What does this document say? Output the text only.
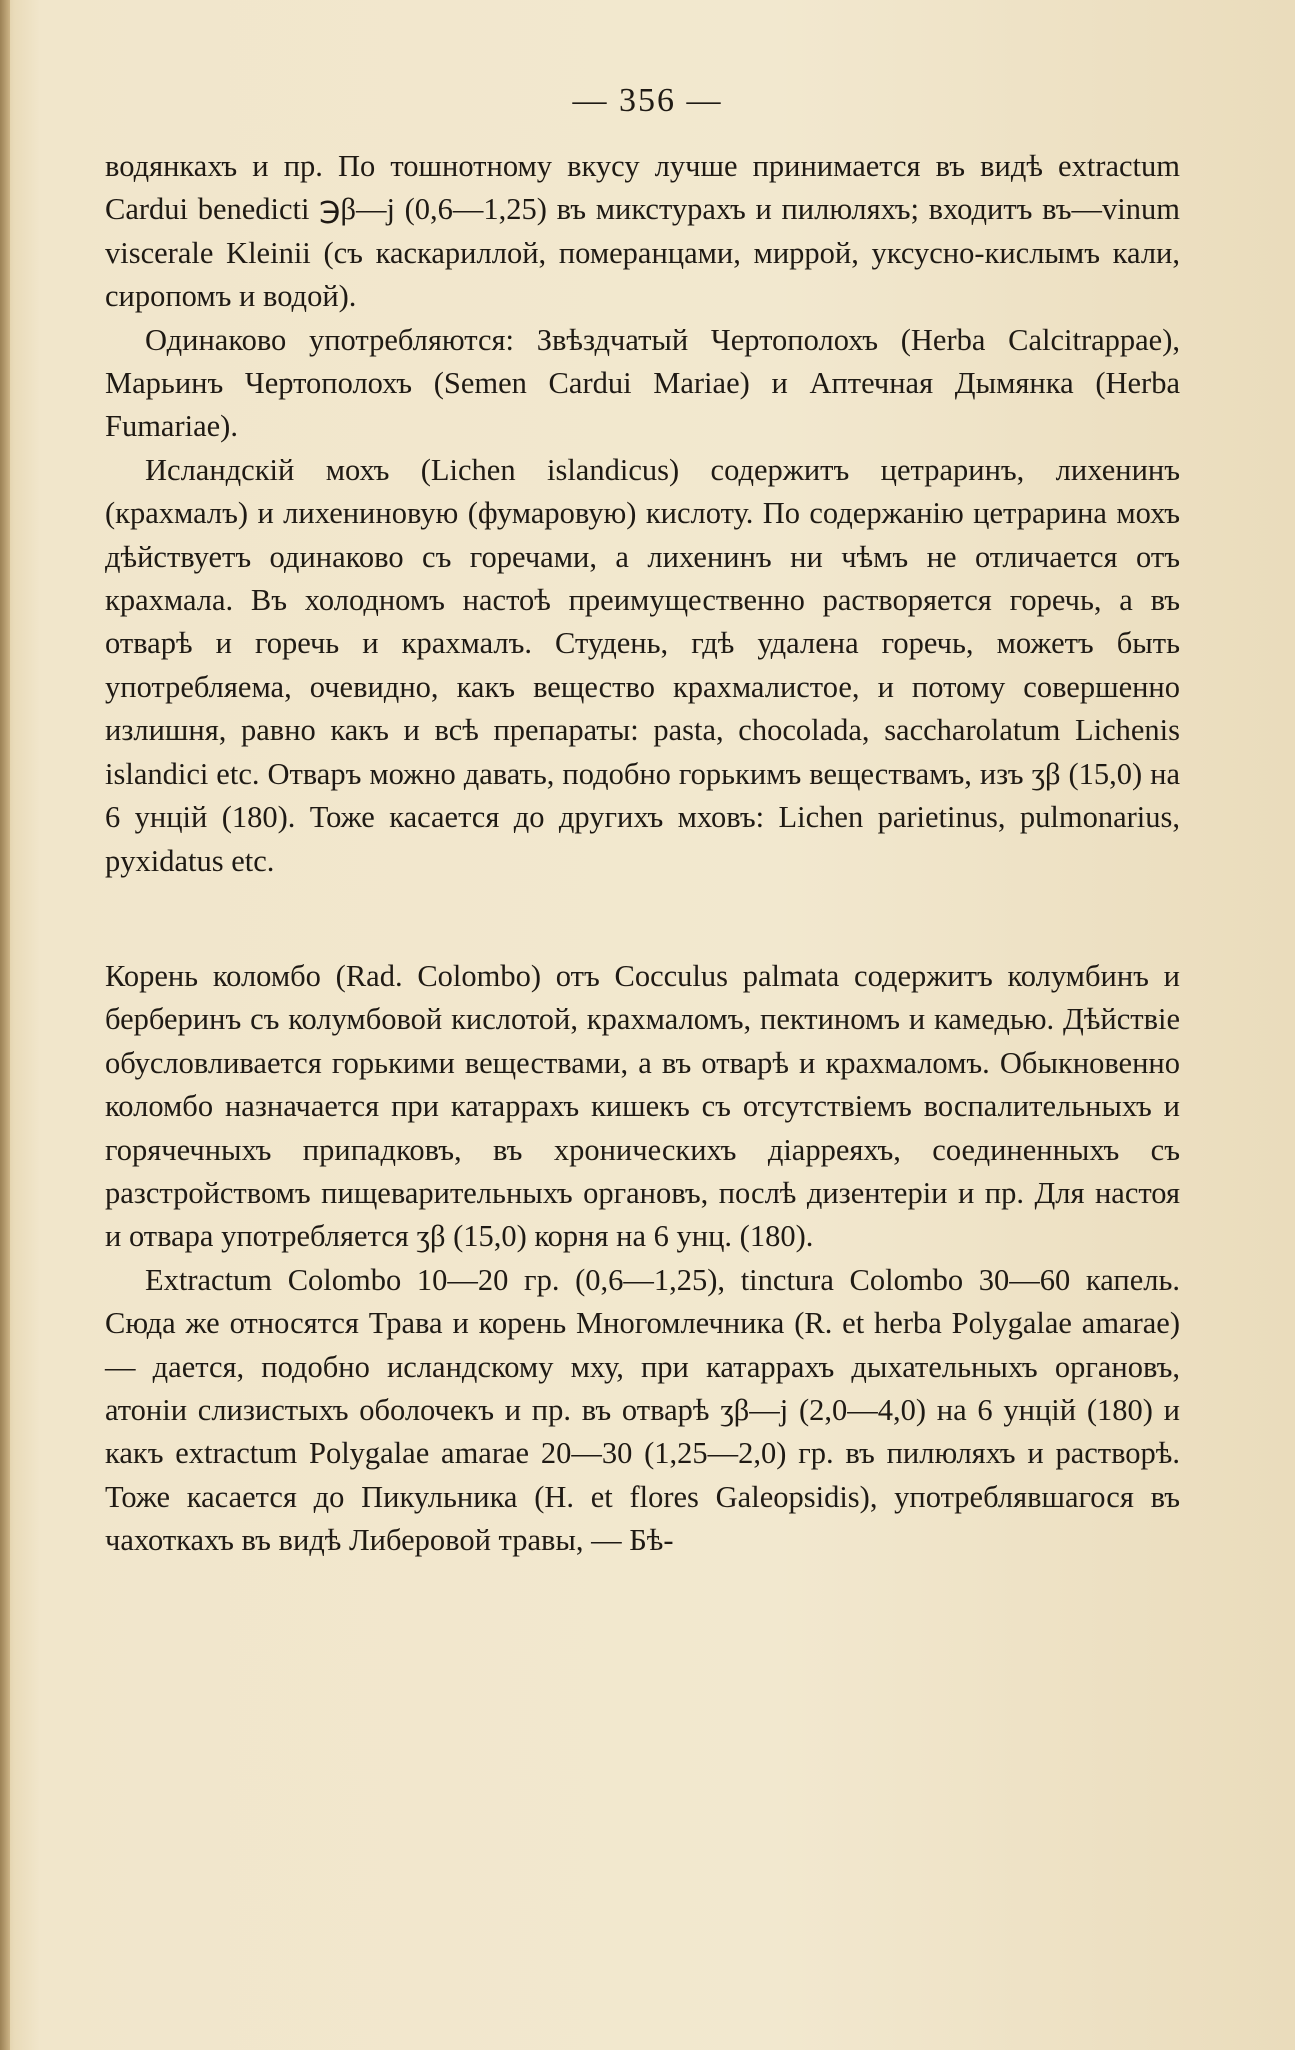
— 356 —

водянкахъ и пр. По тошнотному вкусу лучше принимается въ видѣ extractum Cardui benedicti ℈β—j (0,6—1,25) въ микстурахъ и пилюляхъ; входитъ въ—vinum viscerale Kleinii (съ каскариллой, померанцами, миррой, уксусно-кислымъ кали, сиропомъ и водой).

Одинаково употребляются: Звѣздчатый Чертополохъ (Herba Calcitrappae), Марьинъ Чертополохъ (Semen Cardui Mariae) и Аптечная Дымянка (Herba Fumariae).

Исландскій мохъ (Lichen islandicus) содержитъ цетраринъ, лихенинъ (крахмалъ) и лихениновую (фумаровую) кислоту. По содержанію цетрарина мохъ дѣйствуетъ одинаково съ горечами, а лихенинъ ни чѣмъ не отличается отъ крахмала. Въ холодномъ настоѣ преимущественно растворяется горечь, а въ отварѣ и горечь и крахмалъ. Студень, гдѣ удалена горечь, можетъ быть употребляема, очевидно, какъ вещество крахмалистое, и потому совершенно излишня, равно какъ и всѣ препараты: pasta, chocolada, saccharolatum Lichenis islandici etc. Отваръ можно давать, подобно горькимъ веществамъ, изъ ʒβ (15,0) на 6 унцій (180). Тоже касается до другихъ мховъ: Lichen parietinus, pulmonarius, pyxidatus etc.

Корень коломбо (Rad. Colombo) отъ Cocculus palmata содержитъ колумбинъ и берберинъ съ колумбовой кислотой, крахмаломъ, пектиномъ и камедью. Дѣйствіе обусловливается горькими веществами, а въ отварѣ и крахмаломъ. Обыкновенно коломбо назначается при катаррахъ кишекъ съ отсутствіемъ воспалительныхъ и горячечныхъ припадковъ, въ хроническихъ діарреяхъ, соединенныхъ съ разстройствомъ пищеварительныхъ органовъ, послѣ дизентеріи и пр. Для настоя и отвара употребляется ʒβ (15,0) корня на 6 унц. (180).

Extractum Colombo 10—20 гр. (0,6—1,25), tinctura Colombo 30—60 капель. Сюда же относятся Трава и корень Многомлечника (R. et herba Polygalae amarae)— дается, подобно исландскому мху, при катаррахъ дыхательныхъ органовъ, атоніи слизистыхъ оболочекъ и пр. въ отварѣ ʒβ—j (2,0—4,0) на 6 унцій (180) и какъ extractum Polygalae amarae 20—30 (1,25—2,0) гр. въ пилюляхъ и растворѣ. Тоже касается до Пикульника (H. et flores Galeopsidis), употреблявшагося въ чахоткахъ въ видѣ Либеровой травы, — Бѣ-
